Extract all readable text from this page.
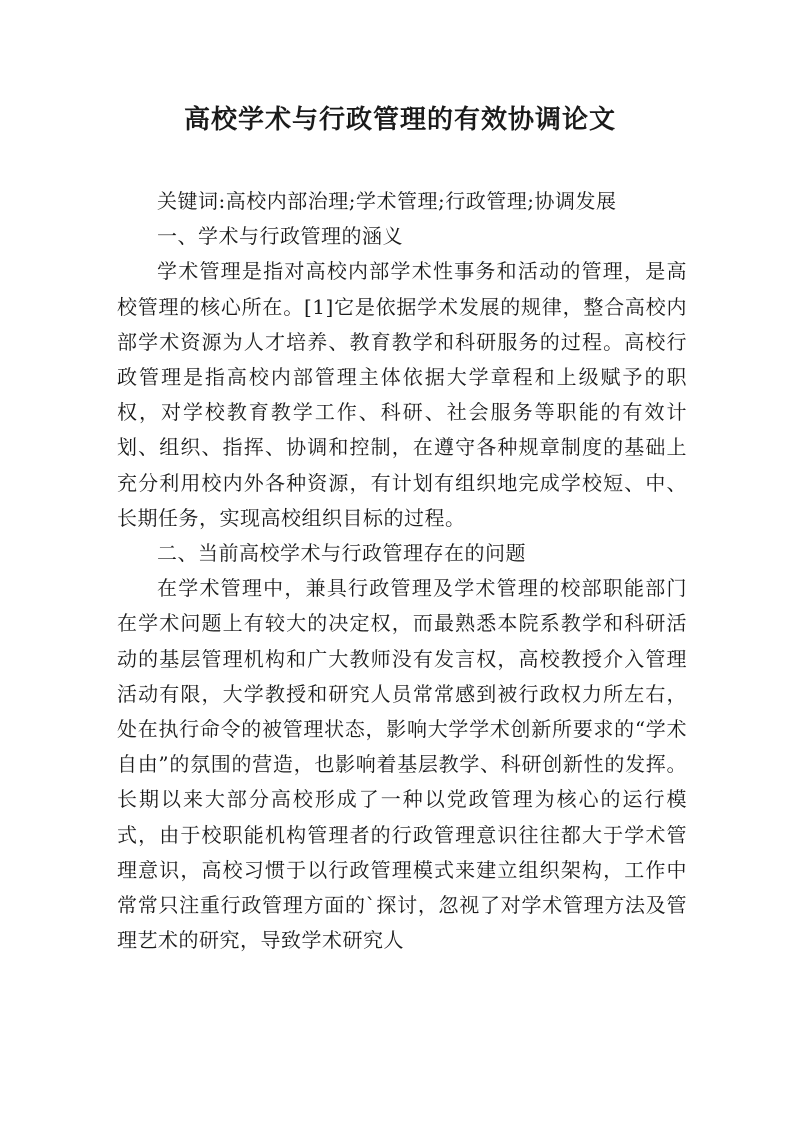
高校学术与行政管理的有效协调论文

关键词:高校内部治理;学术管理;行政管理;协调发展

一、学术与行政管理的涵义

学术管理是指对高校内部学术性事务和活动的管理，是高校管理的核心所在。[1]它是依据学术发展的规律，整合高校内部学术资源为人才培养、教育教学和科研服务的过程。高校行政管理是指高校内部管理主体依据大学章程和上级赋予的职权，对学校教育教学工作、科研、社会服务等职能的有效计划、组织、指挥、协调和控制，在遵守各种规章制度的基础上充分利用校内外各种资源，有计划有组织地完成学校短、中、长期任务，实现高校组织目标的过程。

二、当前高校学术与行政管理存在的问题

在学术管理中，兼具行政管理及学术管理的校部职能部门在学术问题上有较大的决定权，而最熟悉本院系教学和科研活动的基层管理机构和广大教师没有发言权，高校教授介入管理活动有限，大学教授和研究人员常常感到被行政权力所左右，处在执行命令的被管理状态，影响大学学术创新所要求的“学术自由”的氛围的营造，也影响着基层教学、科研创新性的发挥。长期以来大部分高校形成了一种以党政管理为核心的运行模式，由于校职能机构管理者的行政管理意识往往都大于学术管理意识，高校习惯于以行政管理模式来建立组织架构，工作中常常只注重行政管理方面的`探讨，忽视了对学术管理方法及管理艺术的研究，导致学术研究人
